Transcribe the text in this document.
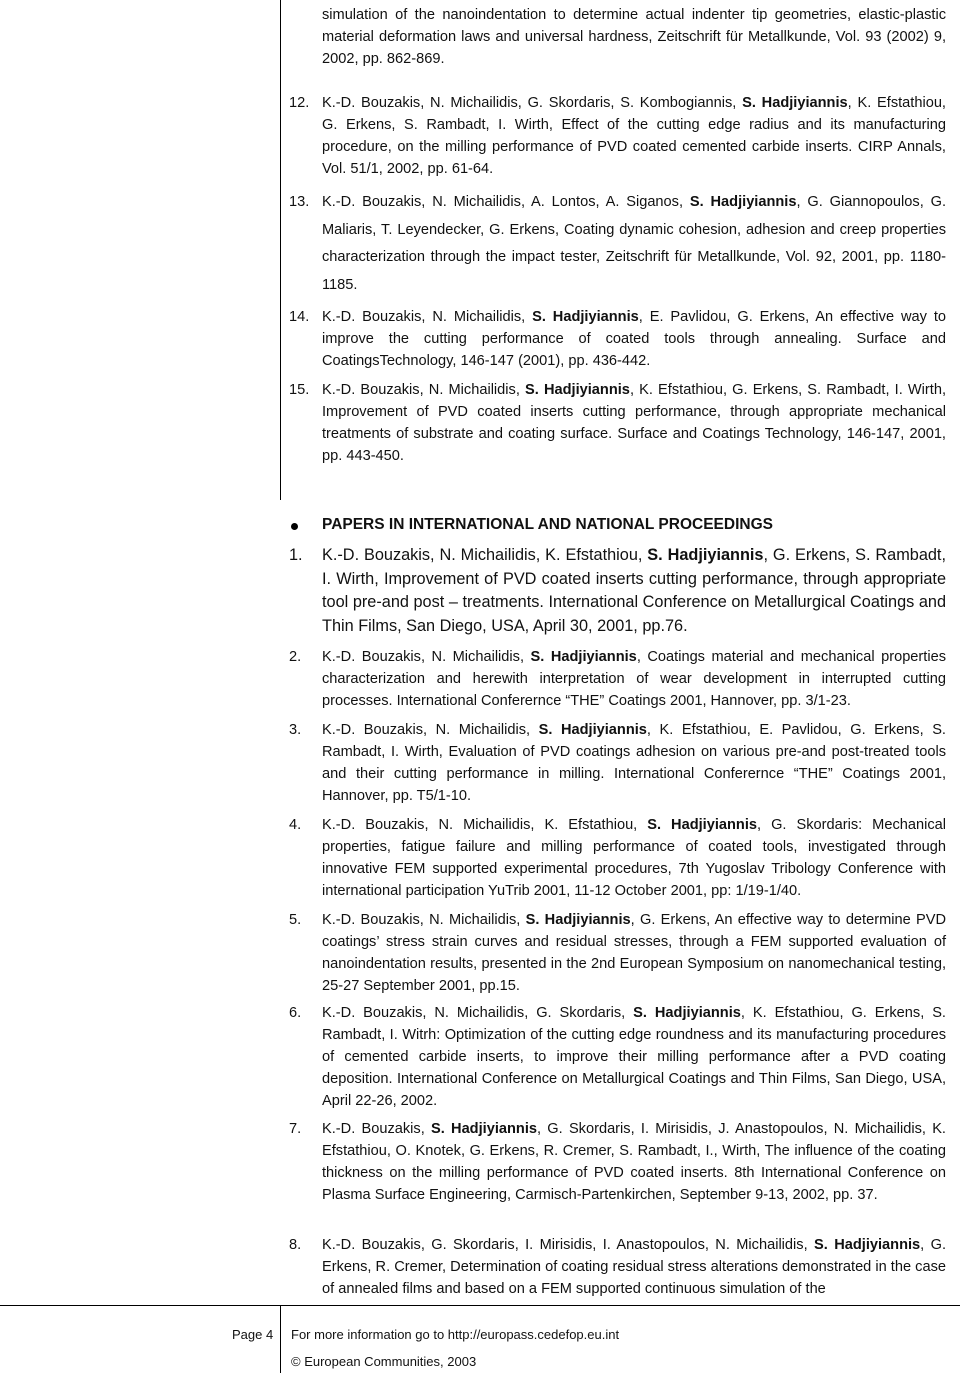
simulation of the nanoindentation to determine actual indenter tip geometries, elastic-plastic material deformation laws and universal hardness, Zeitschrift für Metallkunde, Vol. 93 (2002) 9, 2002, pp. 862-869.
12. K.-D. Bouzakis, N. Michailidis, G. Skordaris, S. Kombogiannis, S. Hadjiyiannis, K. Efstathiou, G. Erkens, S. Rambadt, I. Wirth, Effect of the cutting edge radius and its manufacturing procedure, on the milling performance of PVD coated cemented carbide inserts. CIRP Annals, Vol. 51/1, 2002, pp. 61-64.
13. K.-D. Bouzakis, N. Michailidis, A. Lontos, A. Siganos, S. Hadjiyiannis, G. Giannopoulos, G. Maliaris, T. Leyendecker, G. Erkens, Coating dynamic cohesion, adhesion and creep properties characterization through the impact tester, Zeitschrift für Metallkunde, Vol. 92, 2001, pp. 1180-1185.
14. K.-D. Bouzakis, N. Michailidis, S. Hadjiyiannis, E. Pavlidou, G. Erkens, An effective way to improve the cutting performance of coated tools through annealing. Surface and CoatingsTechnology, 146-147 (2001), pp. 436-442.
15. K.-D. Bouzakis, N. Michailidis, S. Hadjiyiannis, K. Efstathiou, G. Erkens, S. Rambadt, I. Wirth, Improvement of PVD coated inserts cutting performance, through appropriate mechanical treatments of substrate and coating surface. Surface and Coatings Technology, 146-147, 2001, pp. 443-450.
PAPERS IN INTERNATIONAL AND NATIONAL PROCEEDINGS
1. K.-D. Bouzakis, N. Michailidis, K. Efstathiou, S. Hadjiyiannis, G. Erkens, S. Rambadt, I. Wirth, Improvement of PVD coated inserts cutting performance, through appropriate tool pre-and post – treatments. International Conference on Metallurgical Coatings and Thin Films, San Diego, USA, April 30, 2001, pp.76.
2. K.-D. Bouzakis, N. Michailidis, S. Hadjiyiannis, Coatings material and mechanical properties characterization and herewith interpretation of wear development in interrupted cutting processes. International Conferernce “THE” Coatings 2001, Hannover, pp. 3/1-23.
3. K.-D. Bouzakis, N. Michailidis, S. Hadjiyiannis, K. Efstathiou, E. Pavlidou, G. Erkens, S. Rambadt, I. Wirth, Evaluation of PVD coatings adhesion on various pre-and post-treated tools and their cutting performance in milling. International Conferernce “THE” Coatings 2001, Hannover, pp. T5/1-10.
4. K.-D. Bouzakis, N. Michailidis, K. Efstathiou, S. Hadjiyiannis, G. Skordaris: Mechanical properties, fatigue failure and milling performance of coated tools, investigated through innovative FEM supported experimental procedures, 7th Yugoslav Tribology Conference with international participation YuTrib 2001, 11-12 October 2001, pp: 1/19-1/40.
5. K.-D. Bouzakis, N. Michailidis, S. Hadjiyiannis, G. Erkens, An effective way to determine PVD coatings’ stress strain curves and residual stresses, through a FEM supported evaluation of nanoindentation results, presented in the 2nd European Symposium on nanomechanical testing, 25-27 September 2001, pp.15.
6. K.-D. Bouzakis, N. Michailidis, G. Skordaris, S. Hadjiyiannis, K. Efstathiou, G. Erkens, S. Rambadt, I. Witrh: Optimization of the cutting edge roundness and its manufacturing procedures of cemented carbide inserts, to improve their milling performance after a PVD coating deposition. International Conference on Metallurgical Coatings and Thin Films, San Diego, USA, April 22-26, 2002.
7. K.-D. Bouzakis, S. Hadjiyiannis, G. Skordaris, I. Mirisidis, J. Anastopoulos, N. Michailidis, K. Efstathiou, O. Knotek, G. Erkens, R. Cremer, S. Rambadt, I., Wirth, The influence of the coating thickness on the milling performance of PVD coated inserts. 8th International Conference on Plasma Surface Engineering, Carmisch-Partenkirchen, September 9-13, 2002, pp. 37.
8. K.-D. Bouzakis, G. Skordaris, I. Mirisidis, I. Anastopoulos, N. Michailidis, S. Hadjiyiannis, G. Erkens, R. Cremer, Determination of coating residual stress alterations demonstrated in the case of annealed films and based on a FEM supported continuous simulation of the
Page 4 For more information go to http://europass.cedefop.eu.int
© European Communities, 2003
